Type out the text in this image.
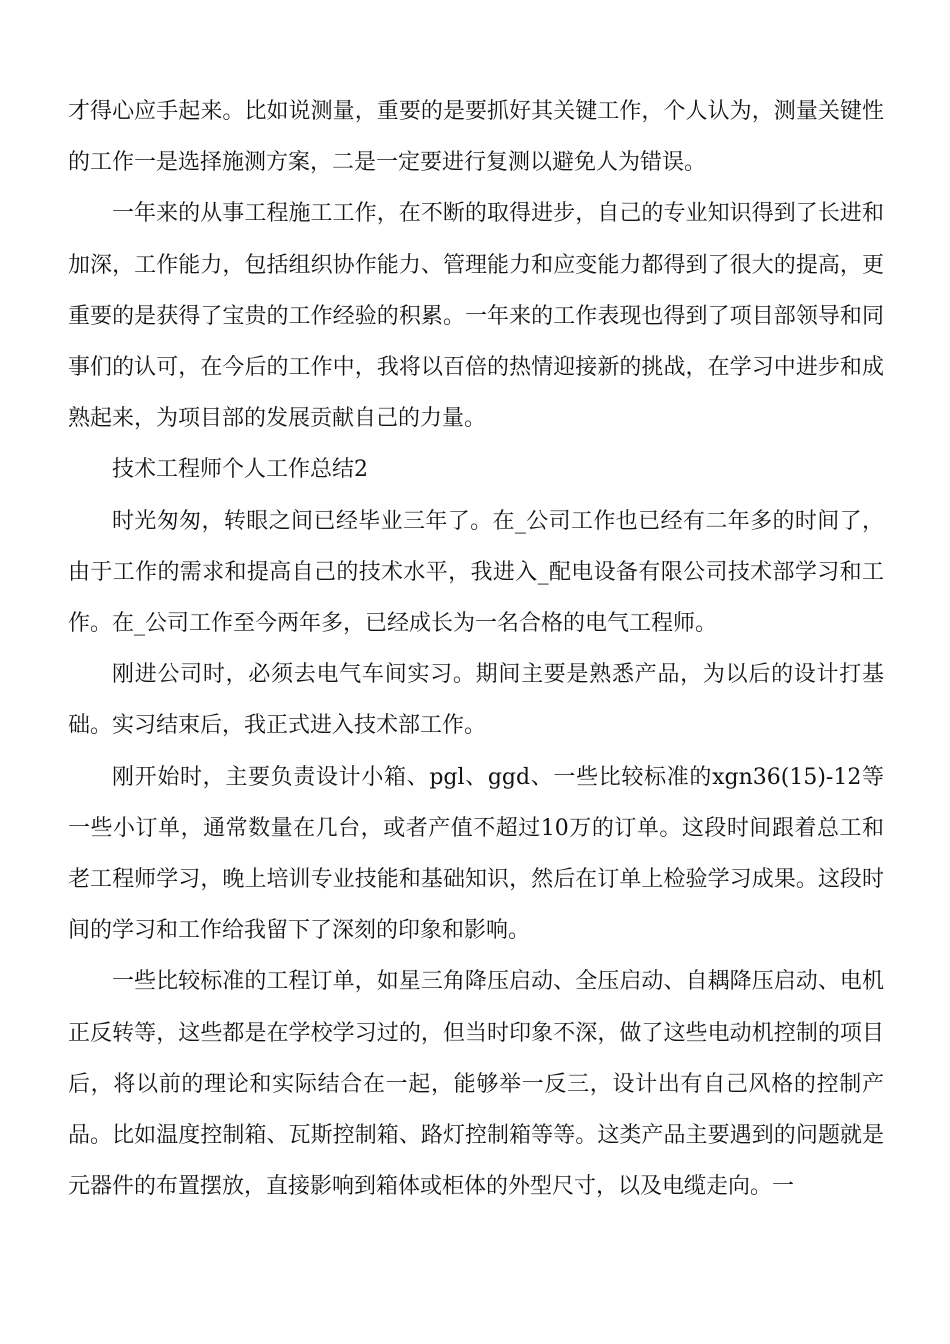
才得心应手起来。比如说测量，重要的是要抓好其关键工作，个人认为，测量关键性的工作一是选择施测方案，二是一定要进行复测以避免人为错误。

一年来的从事工程施工工作，在不断的取得进步，自己的专业知识得到了长进和加深，工作能力，包括组织协作能力、管理能力和应变能力都得到了很大的提高，更重要的是获得了宝贵的工作经验的积累。一年来的工作表现也得到了项目部领导和同事们的认可，在今后的工作中，我将以百倍的热情迎接新的挑战，在学习中进步和成熟起来，为项目部的发展贡献自己的力量。

技术工程师个人工作总结2

时光匆匆，转眼之间已经毕业三年了。在_公司工作也已经有二年多的时间了，由于工作的需求和提高自己的技术水平，我进入_配电设备有限公司技术部学习和工作。在_公司工作至今两年多，已经成长为一名合格的电气工程师。

刚进公司时，必须去电气车间实习。期间主要是熟悉产品，为以后的设计打基础。实习结束后，我正式进入技术部工作。

刚开始时，主要负责设计小箱、pgl、ggd、一些比较标准的xgn36(15)-12等一些小订单，通常数量在几台，或者产值不超过10万的订单。这段时间跟着总工和老工程师学习，晚上培训专业技能和基础知识，然后在订单上检验学习成果。这段时间的学习和工作给我留下了深刻的印象和影响。

一些比较标准的工程订单，如星三角降压启动、全压启动、自耦降压启动、电机正反转等，这些都是在学校学习过的，但当时印象不深，做了这些电动机控制的项目后，将以前的理论和实际结合在一起，能够举一反三，设计出有自己风格的控制产品。比如温度控制箱、瓦斯控制箱、路灯控制箱等等。这类产品主要遇到的问题就是元器件的布置摆放，直接影响到箱体或柜体的外型尺寸，以及电缆走向。一
